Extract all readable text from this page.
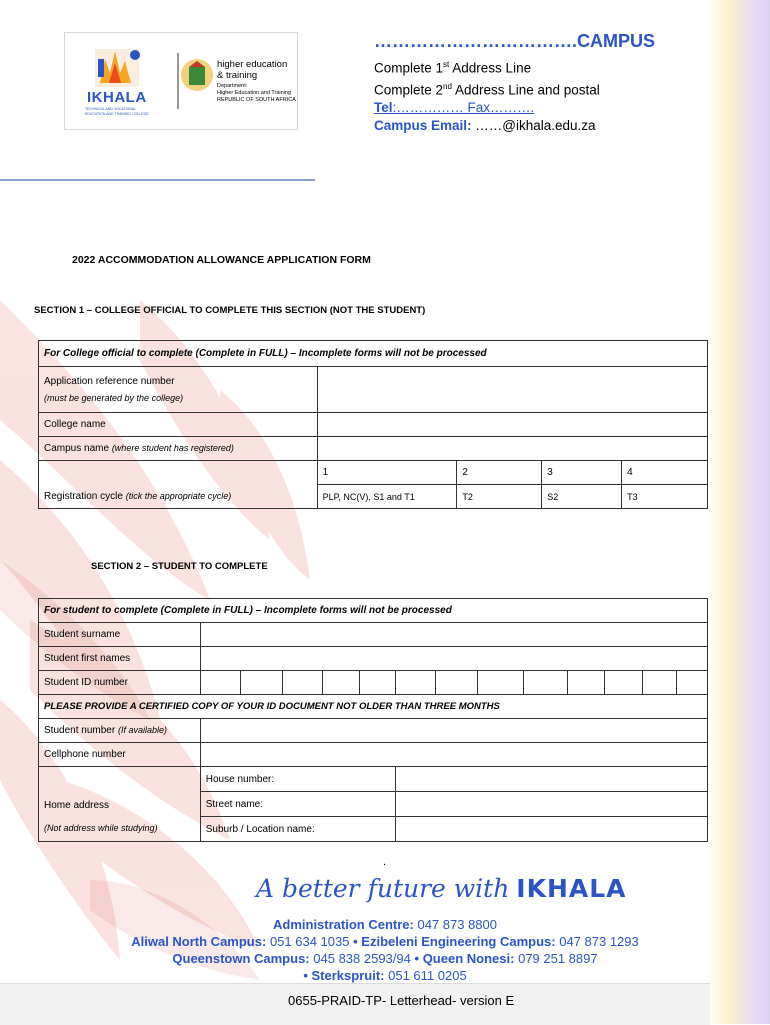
IKHALA
TECHNICAL AND VOCATIONAL
EDUCATION AND TRAINING COLLEGE
higher education
& training
Department:
Higher Education and Training
REPUBLIC OF SOUTH AFRICA
…………………………….CAMPUS
Complete 1st Address Line
Complete 2nd Address Line and postal
Tel:…………… Fax……….
Campus Email: ……@ikhala.edu.za
2022 ACCOMMODATION ALLOWANCE APPLICATION FORM
SECTION 1 – COLLEGE OFFICIAL TO COMPLETE THIS SECTION (NOT THE STUDENT)
For College official to complete (Complete in FULL) – Incomplete forms will not be processed				

Application reference number
(must be generated by the college)				

College name				
Campus name (where student has registered)				
Registration cycle (tick the appropriate cycle)	1	2	3	4
	PLP, NC(V), S1 and T1	T2	S2	T3
SECTION 2 – STUDENT TO COMPLETE
For student to complete (Complete in FULL) – Incomplete forms will not be processed													
Student surname													
Student first names													
Student ID number													
PLEASE PROVIDE A CERTIFIED COPY OF YOUR ID DOCUMENT NOT OLDER THAN THREE MONTHS													
Student number (If available)													
Cellphone number													

Home address
(Not address while studying)	House number:												
	Street name:												
	Suburb / Location name:												
.
A better future with IKHALA
Administration Centre: 047 873 8800
Aliwal North Campus: 051 634 1035 • Ezibeleni Engineering Campus: 047 873 1293
Queenstown Campus: 045 838 2593/94 • Queen Nonesi: 079 251 8897
• Sterkspruit: 051 611 0205
0655-PRAID-TP- Letterhead- version E
